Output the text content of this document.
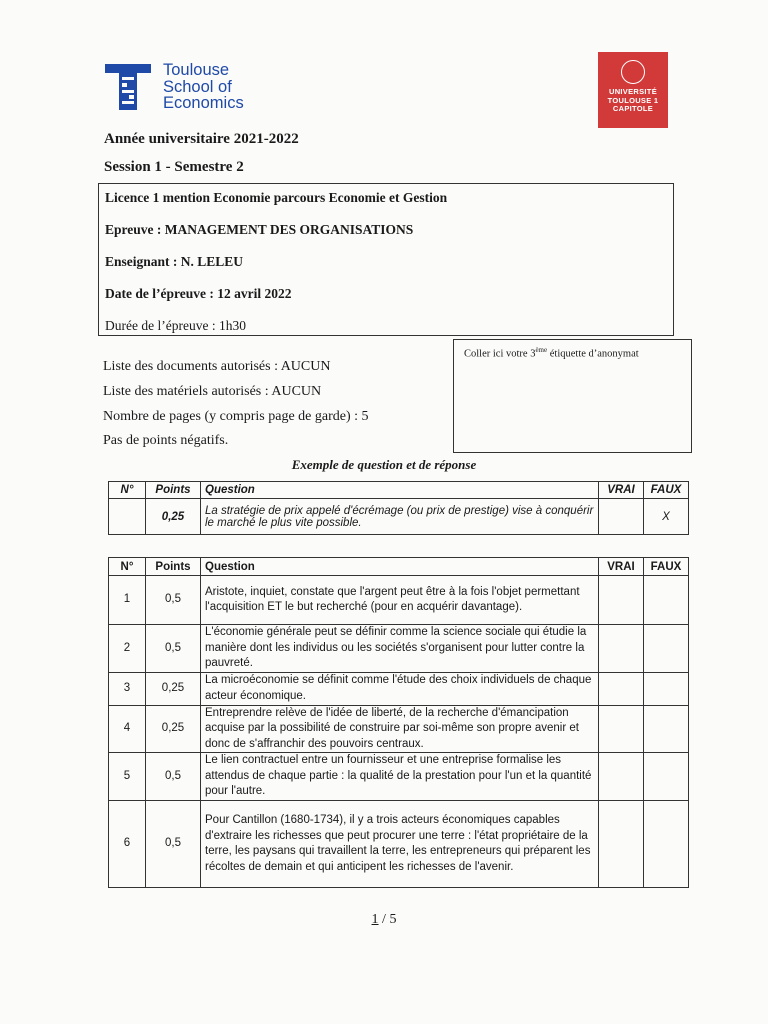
Toulouse
School of
Economics
UNIVERSITÉ
TOULOUSE 1
CAPITOLE
Année universitaire 2021-2022
Session 1 - Semestre 2
Licence 1 mention Economie parcours Economie et Gestion
Epreuve : MANAGEMENT DES ORGANISATIONS
Enseignant : N. LELEU
Date de l’épreuve : 12 avril 2022
Durée de l’épreuve : 1h30
Liste des documents autorisés : AUCUN
Liste des matériels autorisés : AUCUN
Nombre de pages (y compris page de garde) : 5
Pas de points négatifs.
Coller ici votre 3ème étiquette d’anonymat
Exemple de question et de réponse
N°	Points	Question	VRAI	FAUX
	0,25	La stratégie de prix appelé d'écrémage (ou prix de prestige) vise à conquérir le marché le plus vite possible.		X
N°	Points	Question	VRAI	FAUX
1	0,5	Aristote, inquiet, constate que l'argent peut être à la fois l'objet permettant l'acquisition ET le but recherché (pour en acquérir davantage).		
2	0,5	L'économie générale peut se définir comme la science sociale qui étudie la manière dont les individus ou les sociétés s'organisent pour lutter contre la pauvreté.		
3	0,25	La microéconomie se définit comme l'étude des choix individuels de chaque acteur économique.		
4	0,25	Entreprendre relève de l'idée de liberté, de la recherche d'émancipation acquise par la possibilité de construire par soi-même son propre avenir et donc de s'affranchir des pouvoirs centraux.		
5	0,5	Le lien contractuel entre un fournisseur et une entreprise formalise les attendus de chaque partie : la qualité de la prestation pour l'un et la quantité pour l'autre.		
6	0,5	Pour Cantillon (1680-1734), il y a trois acteurs économiques capables d'extraire les richesses que peut procurer une terre : l'état propriétaire de la terre, les paysans qui travaillent la terre, les entrepreneurs qui préparent les récoltes de demain et qui anticipent les richesses de l'avenir.		
1 / 5
